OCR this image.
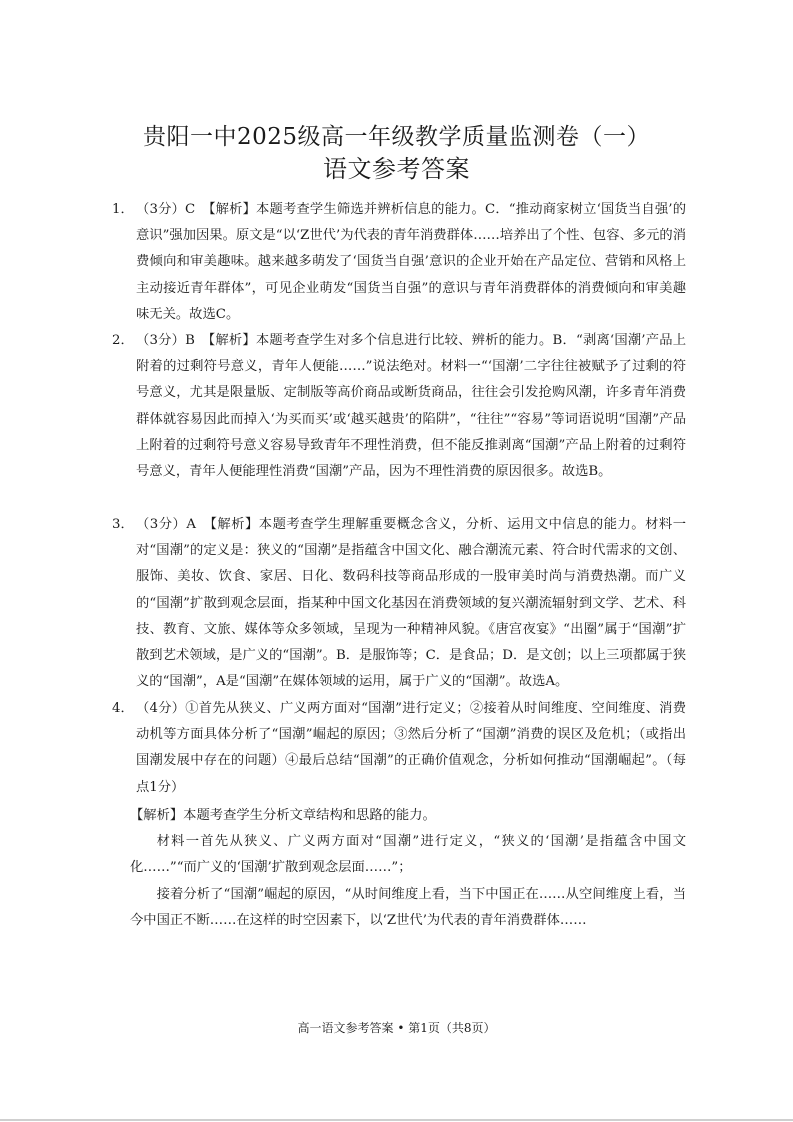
贵阳一中2025级高一年级教学质量监测卷（一）
语文参考答案
1． （3分）C　【解析】本题考查学生筛选并辨析信息的能力。C．“推动商家树立‘国货当自强’的意识”强加因果。原文是“以‘Z世代’为代表的青年消费群体……培养出了个性、包容、多元的消费倾向和审美趣味。越来越多萌发了‘国货当自强’意识的企业开始在产品定位、营销和风格上主动接近青年群体”，可见企业萌发“国货当自强”的意识与青年消费群体的消费倾向和审美趣味无关。故选C。

2． （3分）B　【解析】本题考查学生对多个信息进行比较、辨析的能力。B．“剥离‘国潮’产品上附着的过剩符号意义，青年人便能……”说法绝对。材料一“‘国潮’二字往往被赋予了过剩的符号意义，尤其是限量版、定制版等高价商品或断货商品，往往会引发抢购风潮，许多青年消费群体就容易因此而掉入‘为买而买’或‘越买越贵’的陷阱”，“往往”“容易”等词语说明“国潮”产品上附着的过剩符号意义容易导致青年不理性消费，但不能反推剥离“国潮”产品上附着的过剩符号意义，青年人便能理性消费“国潮”产品，因为不理性消费的原因很多。故选B。

3． （3分）A　【解析】本题考查学生理解重要概念含义，分析、运用文中信息的能力。材料一对“国潮”的定义是：狭义的“国潮”是指蕴含中国文化、融合潮流元素、符合时代需求的文创、服饰、美妆、饮食、家居、日化、数码科技等商品形成的一股审美时尚与消费热潮。而广义的“国潮”扩散到观念层面，指某种中国文化基因在消费领域的复兴潮流辐射到文学、艺术、科技、教育、文旅、媒体等众多领域，呈现为一种精神风貌。《唐宫夜宴》“出圈”属于“国潮”扩散到艺术领域，是广义的“国潮”。B．是服饰等；C．是食品；D．是文创；以上三项都属于狭义的“国潮”，A是“国潮”在媒体领域的运用，属于广义的“国潮”。故选A。

4． （4分）①首先从狭义、广义两方面对“国潮”进行定义；②接着从时间维度、空间维度、消费动机等方面具体分析了“国潮”崛起的原因；③然后分析了“国潮”消费的误区及危机；（或指出国潮发展中存在的问题）④最后总结“国潮”的正确价值观念，分析如何推动“国潮崛起”。（每点1分）

【解析】本题考查学生分析文章结构和思路的能力。

材料一首先从狭义、广义两方面对“国潮”进行定义，“狭义的‘国潮’是指蕴含中国文化……”“而广义的‘国潮’扩散到观念层面……”；

接着分析了“国潮”崛起的原因，“从时间维度上看，当下中国正在……从空间维度上看，当今中国正不断……在这样的时空因素下，以‘Z世代’为代表的青年消费群体……

高一语文参考答案 • 第1页（共8页）
